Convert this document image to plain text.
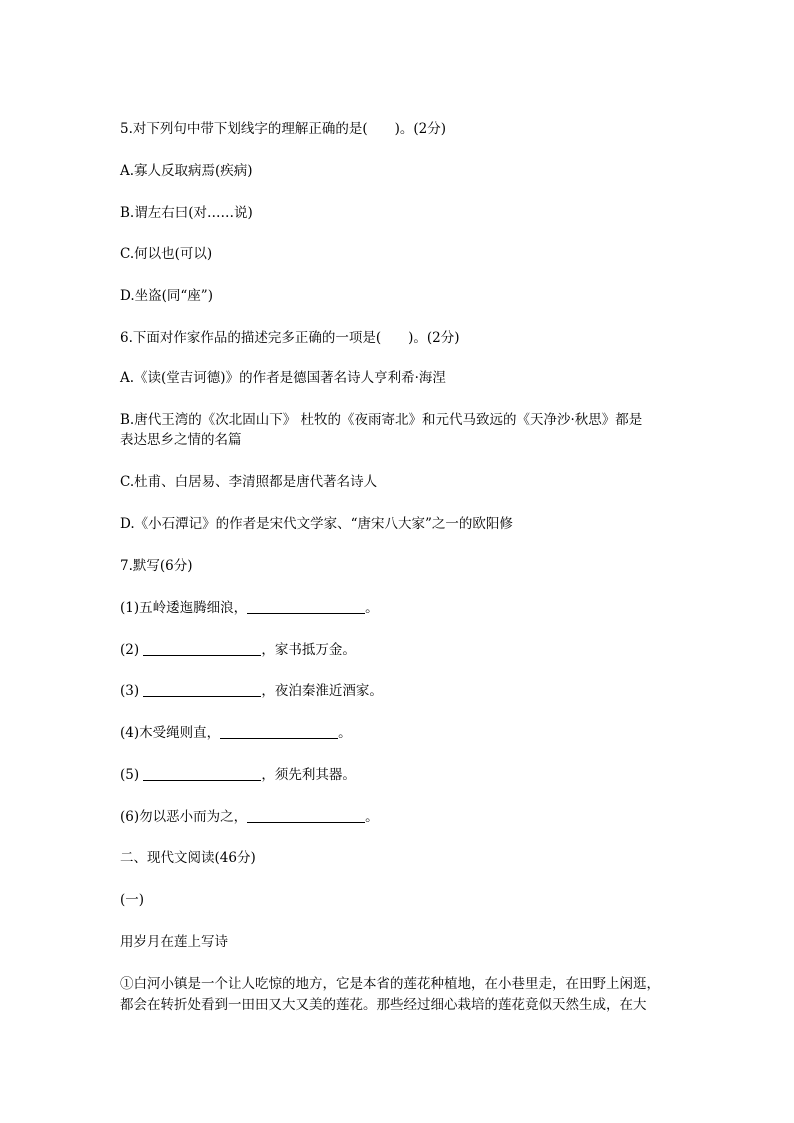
5.对下列句中带下划线字的理解正确的是(　　)。(2分)
A.寡人反取病焉(疾病)
B.谓左右曰(对……说)
C.何以也(可以)
D.坐盗(同“座”)
6.下面对作家作品的描述完多正确的一项是(　　)。(2分)
A.《读(堂吉诃德)》的作者是德国著名诗人亨利希·海涅
B.唐代王湾的《次北固山下》 杜牧的《夜雨寄北》和元代马致远的《天净沙·秋思》都是
表达思乡之情的名篇
C.杜甫、白居易、李清照都是唐代著名诗人
D.《小石潭记》的作者是宋代文学家、“唐宋八大家”之一的欧阳修
7.默写(6分)
(1)五岭逶迤腾细浪，	。
(2)	，家书抵万金。
(3)	，夜泊秦淮近酒家。
(4)木受绳则直，	。
(5)	，须先利其器。
(6)勿以恶小而为之，	。
二、现代文阅读(46分)
(一)
用岁月在莲上写诗
①白河小镇是一个让人吃惊的地方，它是本省的莲花种植地，在小巷里走，在田野上闲逛，
都会在转折处看到一田田又大又美的莲花。那些经过细心栽培的莲花竟似天然生成，在大
